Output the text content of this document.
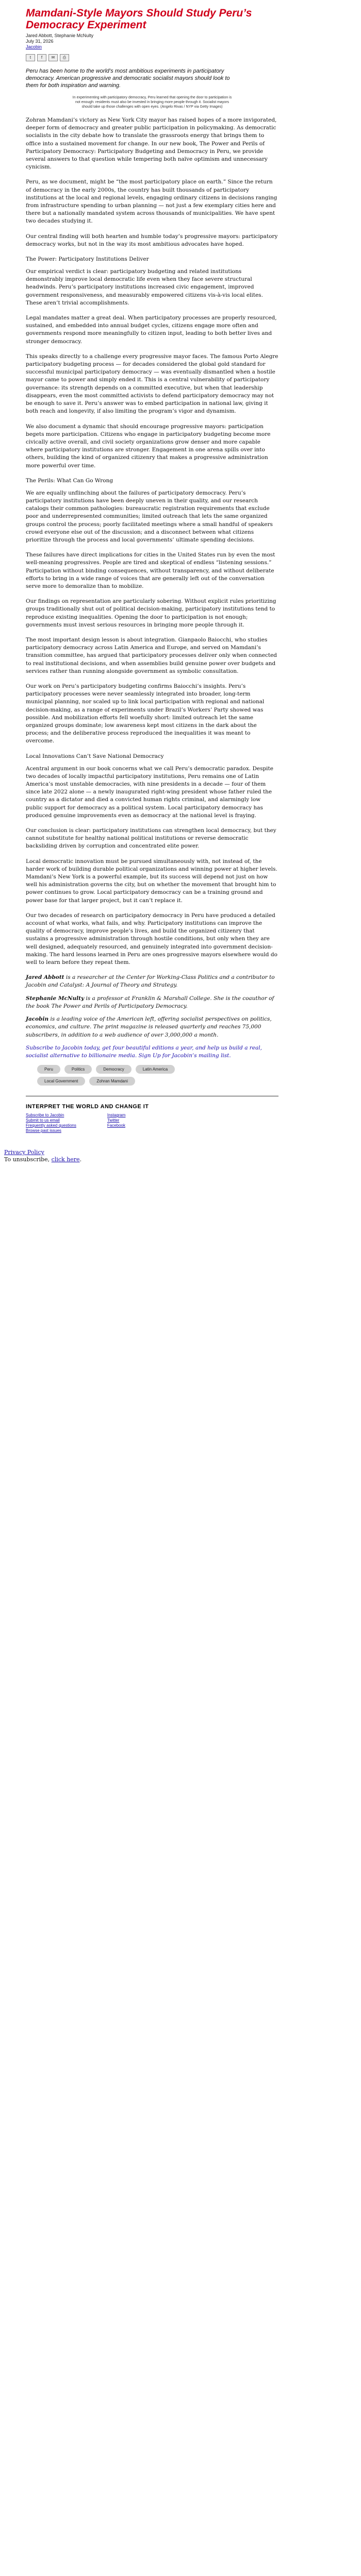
Mamdani-Style Mayors Should Study Peru’s Democracy Experiment
Jared Abbott, Stephanie McNulty
July 31, 2026
Jacobin
t	f	✉	⎙

Peru has been home to the world’s most ambitious experiments in participatory democracy. American progressive and democratic socialist mayors should look to them for both inspiration and warning.

In experimenting with participatory democracy, Peru learned that opening the door to participation is not enough: residents must also be invested in bringing more people through it. Socialist mayors should take up those challenges with open eyes. (Angelo Rivas / NYP via Getty Images)

Zohran Mamdani’s victory as New York City mayor has raised hopes of a more invigorated, deeper form of democracy and greater public participation in policymaking. As democratic socialists in the city debate how to translate the grassroots energy that brings them to office into a sustained movement for change. In our new book, The Power and Perils of Participatory Democracy: Participatory Budgeting and Democracy in Peru, we provide several answers to that question while tempering both naïve optimism and unnecessary cynicism.

Peru, as we document, might be “the most participatory place on earth.” Since the return of democracy in the early 2000s, the country has built thousands of participatory institutions at the local and regional levels, engaging ordinary citizens in decisions ranging from infrastructure spending to urban planning — not just a few exemplary cities here and there but a nationally mandated system across thousands of municipalities. We have spent two decades studying it.

Our central finding will both hearten and humble today’s progressive mayors: participatory democracy works, but not in the way its most ambitious advocates have hoped.

The Power: Participatory Institutions Deliver

Our empirical verdict is clear: participatory budgeting and related institutions demonstrably improve local democratic life even when they face severe structural headwinds. Peru’s participatory institutions increased civic engagement, improved government responsiveness, and measurably empowered citizens vis-à-vis local elites. These aren’t trivial accomplishments.

Legal mandates matter a great deal. When participatory processes are properly resourced, sustained, and embedded into annual budget cycles, citizens engage more often and governments respond more meaningfully to citizen input, leading to both better lives and stronger democracy.

This speaks directly to a challenge every progressive mayor faces. The famous Porto Alegre participatory budgeting process — for decades considered the global gold standard for successful municipal participatory democracy — was eventually dismantled when a hostile mayor came to power and simply ended it. This is a central vulnerability of participatory governance: its strength depends on a committed executive, but when that leadership disappears, even the most committed activists to defend participatory democracy may not be enough to save it. Peru’s answer was to embed participation in national law, giving it both reach and longevity, if also limiting the program’s vigor and dynamism.

We also document a dynamic that should encourage progressive mayors: participation begets more participation. Citizens who engage in participatory budgeting become more civically active overall, and civil society organizations grow denser and more capable where participatory institutions are stronger. Engagement in one arena spills over into others, building the kind of organized citizenry that makes a progressive administration more powerful over time.

The Perils: What Can Go Wrong

We are equally unflinching about the failures of participatory democracy. Peru’s participatory institutions have been deeply uneven in their quality, and our research catalogs their common pathologies: bureaucratic registration requirements that exclude poor and underrepresented communities; limited outreach that lets the same organized groups control the process; poorly facilitated meetings where a small handful of speakers crowd everyone else out of the discussion; and a disconnect between what citizens prioritize through the process and local governments’ ultimate spending decisions.

These failures have direct implications for cities in the United States run by even the most well-meaning progressives. People are tired and skeptical of endless “listening sessions.” Participation without binding consequences, without transparency, and without deliberate efforts to bring in a wide range of voices that are generally left out of the conversation serve more to demoralize than to mobilize.

Our findings on representation are particularly sobering. Without explicit rules prioritizing groups traditionally shut out of political decision-making, participatory institutions tend to reproduce existing inequalities. Opening the door to participation is not enough; governments must invest serious resources in bringing more people through it.

The most important design lesson is about integration. Gianpaolo Baiocchi, who studies participatory democracy across Latin America and Europe, and served on Mamdani’s transition committee, has argued that participatory processes deliver only when connected to real institutional decisions, and when assemblies build genuine power over budgets and services rather than running alongside government as symbolic consultation.

Our work on Peru’s participatory budgeting confirms Baiocchi’s insights. Peru’s participatory processes were never seamlessly integrated into broader, long-term municipal planning, nor scaled up to link local participation with regional and national decision-making, as a range of experiments under Brazil’s Workers’ Party showed was possible. And mobilization efforts fell woefully short: limited outreach let the same organized groups dominate; low awareness kept most citizens in the dark about the process; and the deliberative process reproduced the inequalities it was meant to overcome.

Local Innovations Can’t Save National Democracy

Acentral argument in our book concerns what we call Peru’s democratic paradox. Despite two decades of locally impactful participatory institutions, Peru remains one of Latin America’s most unstable democracies, with nine presidents in a decade — four of them since late 2022 alone — a newly inaugurated right-wing president whose father ruled the country as a dictator and died a convicted human rights criminal, and alarmingly low public support for democracy as a political system. Local participatory democracy has produced genuine improvements even as democracy at the national level is fraying.

Our conclusion is clear: participatory institutions can strengthen local democracy, but they cannot substitute for healthy national political institutions or reverse democratic backsliding driven by corruption and concentrated elite power.

Local democratic innovation must be pursued simultaneously with, not instead of, the harder work of building durable political organizations and winning power at higher levels. Mamdani’s New York is a powerful example, but its success will depend not just on how well his administration governs the city, but on whether the movement that brought him to power continues to grow. Local participatory democracy can be a training ground and power base for that larger project, but it can’t replace it.

Our two decades of research on participatory democracy in Peru have produced a detailed account of what works, what fails, and why. Participatory institutions can improve the quality of democracy, improve people’s lives, and build the organized citizenry that sustains a progressive administration through hostile conditions, but only when they are well designed, adequately resourced, and genuinely integrated into government decision-making. The hard lessons learned in Peru are ones progressive mayors elsewhere would do well to learn before they repeat them.

Jared Abbott is a researcher at the Center for Working-Class Politics and a contributor to Jacobin and Catalyst: A Journal of Theory and Strategy.

Stephanie McNulty is a professor at Franklin & Marshall College. She is the coauthor of the book The Power and Perils of Participatory Democracy.

Jacobin is a leading voice of the American left, offering socialist perspectives on politics, economics, and culture. The print magazine is released quarterly and reaches 75,000 subscribers, in addition to a web audience of over 3,000,000 a month.

Subscribe to Jacobin today, get four beautiful editions a year, and help us build a real, socialist alternative to billionaire media. Sign Up for Jacobin’s mailing list.

Peru	Politics	Democracy	Latin America
Local Government	Zohran Mamdani
INTERPRET THE WORLD AND CHANGE IT
Subscribe to Jacobin
Submit to us email
Frequently asked questions
Browse past issues
Instagram
Twitter
Facebook
Privacy Policy
To unsubscribe, click here.
